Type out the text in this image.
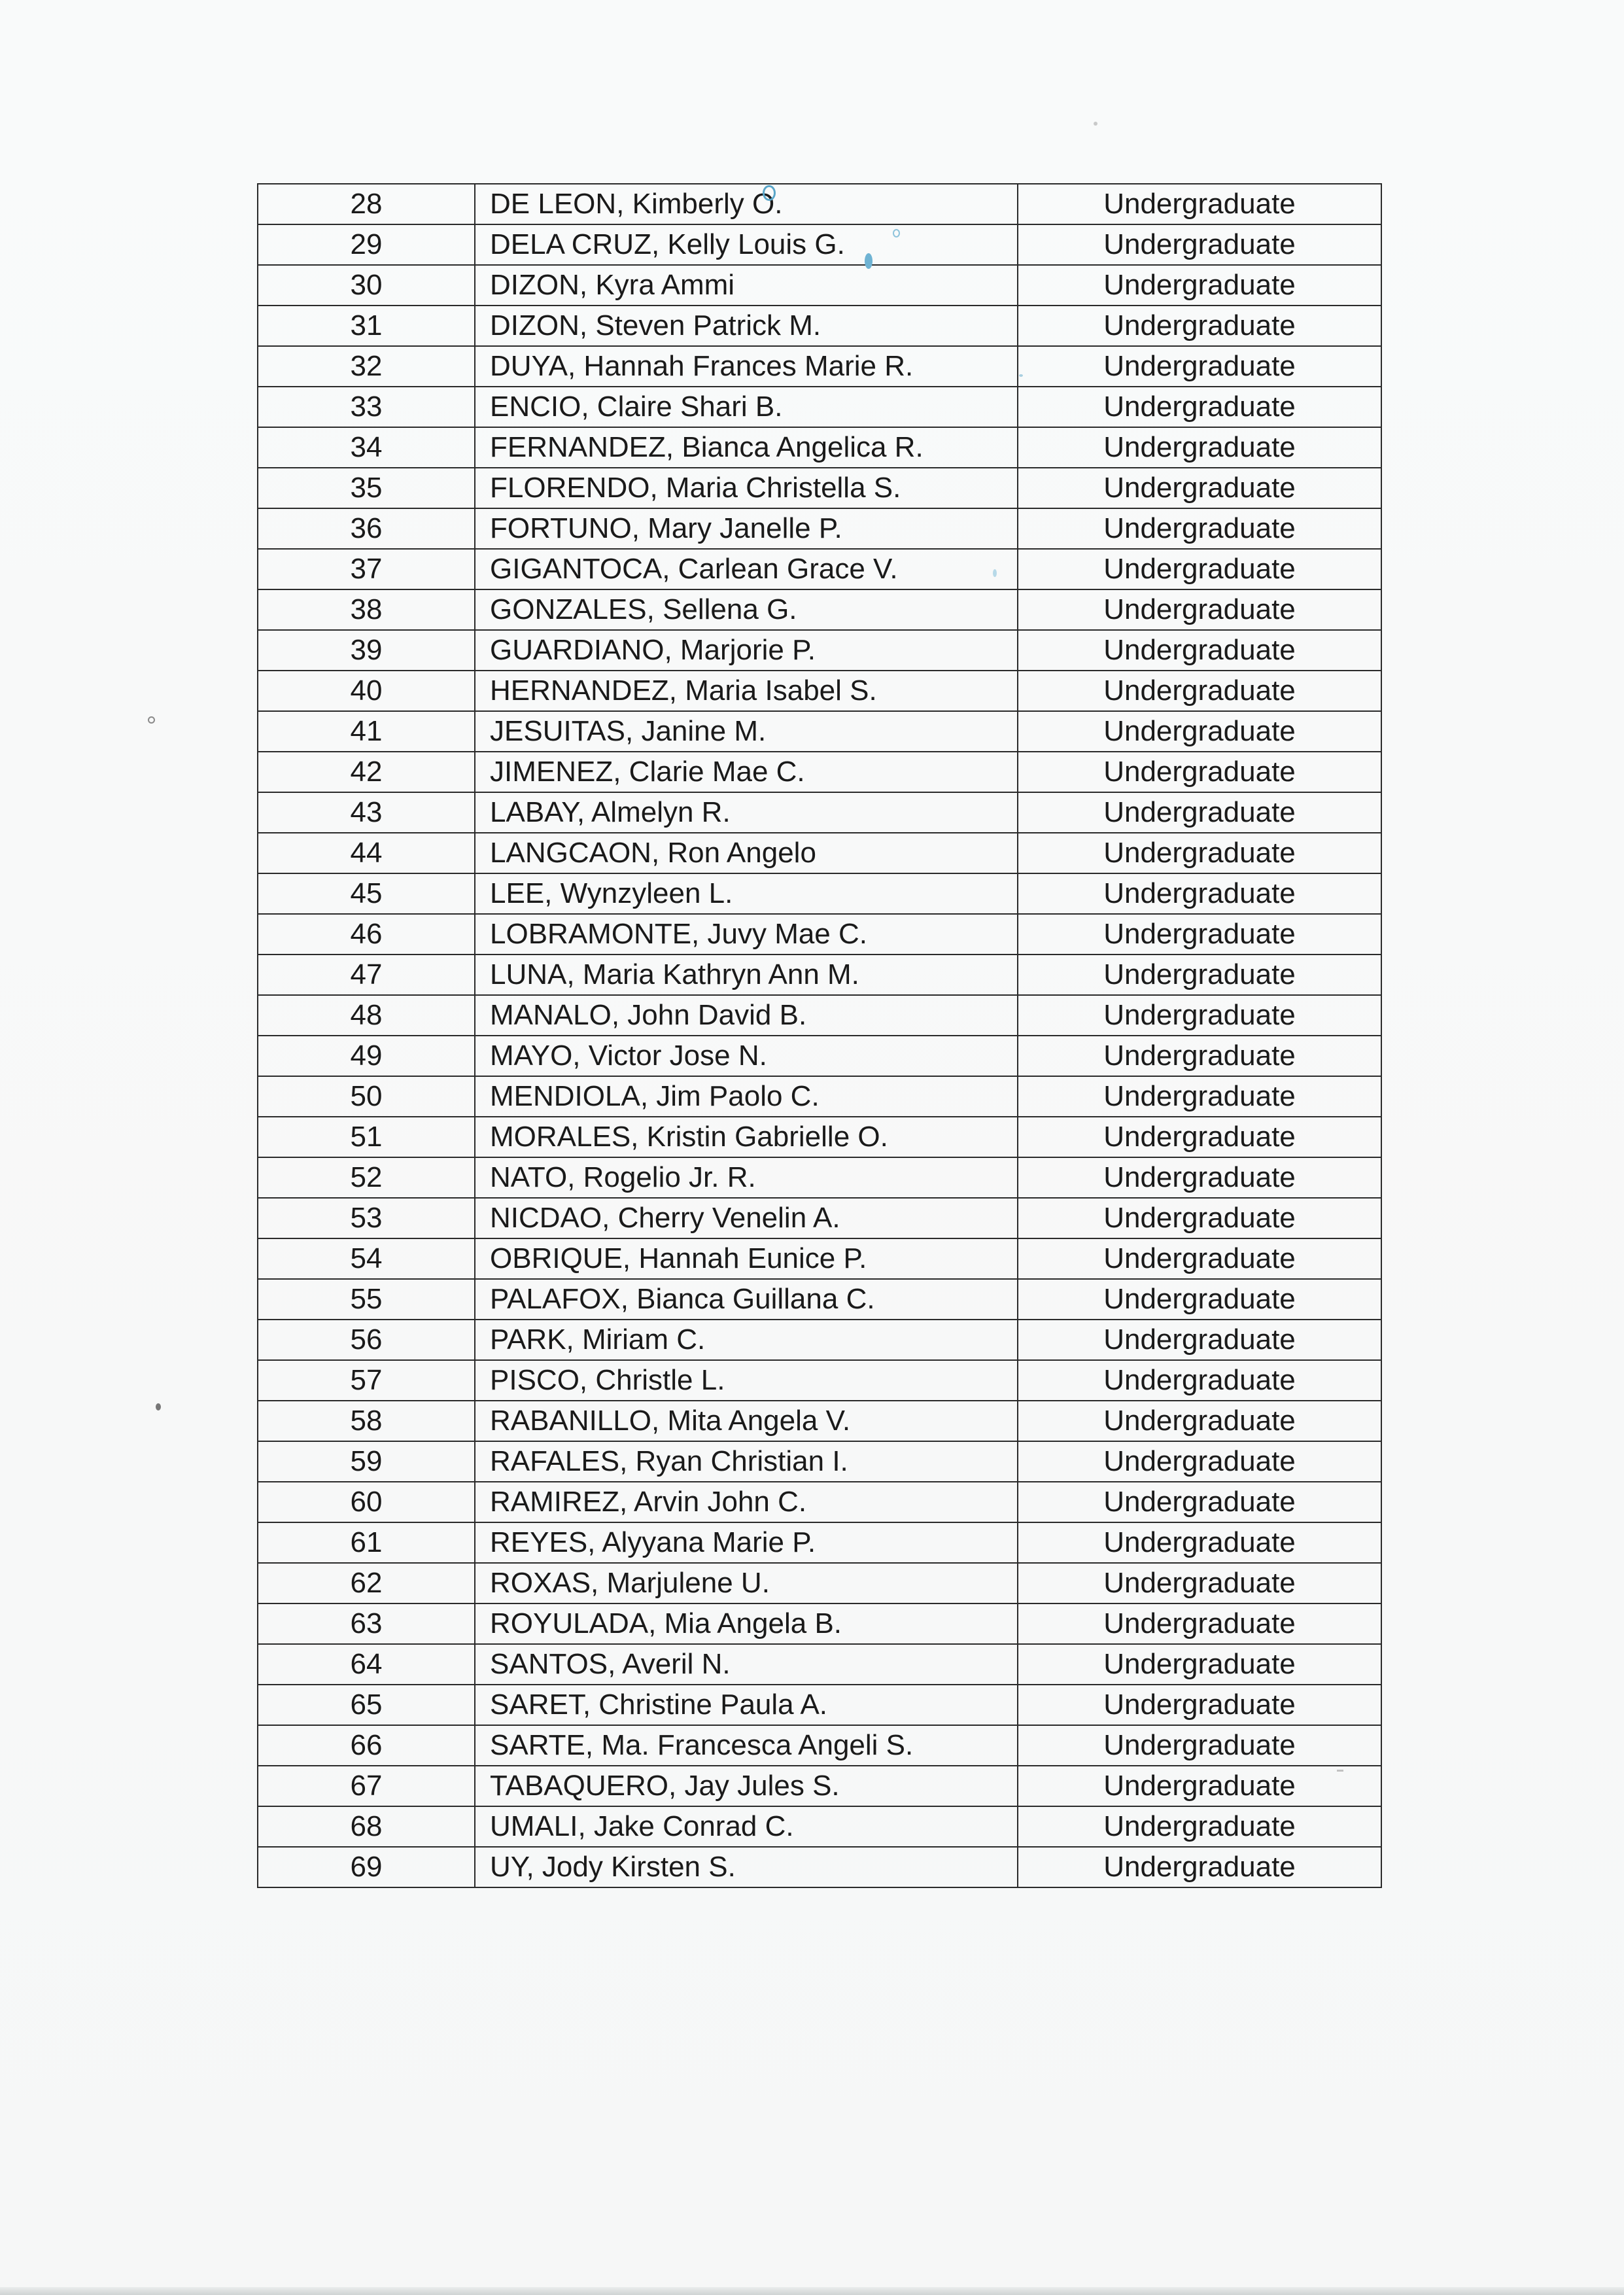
28	DE LEON, Kimberly O.	Undergraduate
29	DELA CRUZ, Kelly Louis G.	Undergraduate
30	DIZON, Kyra Ammi	Undergraduate
31	DIZON, Steven Patrick M.	Undergraduate
32	DUYA, Hannah Frances Marie R.	Undergraduate
33	ENCIO, Claire Shari B.	Undergraduate
34	FERNANDEZ, Bianca Angelica R.	Undergraduate
35	FLORENDO, Maria Christella S.	Undergraduate
36	FORTUNO, Mary Janelle P.	Undergraduate
37	GIGANTOCA, Carlean Grace V.	Undergraduate
38	GONZALES, Sellena G.	Undergraduate
39	GUARDIANO, Marjorie P.	Undergraduate
40	HERNANDEZ, Maria Isabel S.	Undergraduate
41	JESUITAS, Janine M.	Undergraduate
42	JIMENEZ, Clarie Mae C.	Undergraduate
43	LABAY, Almelyn R.	Undergraduate
44	LANGCAON, Ron Angelo	Undergraduate
45	LEE, Wynzyleen L.	Undergraduate
46	LOBRAMONTE, Juvy Mae C.	Undergraduate
47	LUNA, Maria Kathryn Ann M.	Undergraduate
48	MANALO, John David B.	Undergraduate
49	MAYO, Victor Jose N.	Undergraduate
50	MENDIOLA, Jim Paolo C.	Undergraduate
51	MORALES, Kristin Gabrielle O.	Undergraduate
52	NATO, Rogelio Jr. R.	Undergraduate
53	NICDAO, Cherry Venelin A.	Undergraduate
54	OBRIQUE, Hannah Eunice P.	Undergraduate
55	PALAFOX, Bianca Guillana C.	Undergraduate
56	PARK, Miriam C.	Undergraduate
57	PISCO, Christle L.	Undergraduate
58	RABANILLO, Mita Angela V.	Undergraduate
59	RAFALES, Ryan Christian I.	Undergraduate
60	RAMIREZ, Arvin John C.	Undergraduate
61	REYES, Alyyana Marie P.	Undergraduate
62	ROXAS, Marjulene U.	Undergraduate
63	ROYULADA, Mia Angela B.	Undergraduate
64	SANTOS, Averil N.	Undergraduate
65	SARET, Christine Paula A.	Undergraduate
66	SARTE, Ma. Francesca Angeli S.	Undergraduate
67	TABAQUERO, Jay Jules S.	Undergraduate
68	UMALI, Jake Conrad C.	Undergraduate
69	UY, Jody Kirsten S.	Undergraduate
